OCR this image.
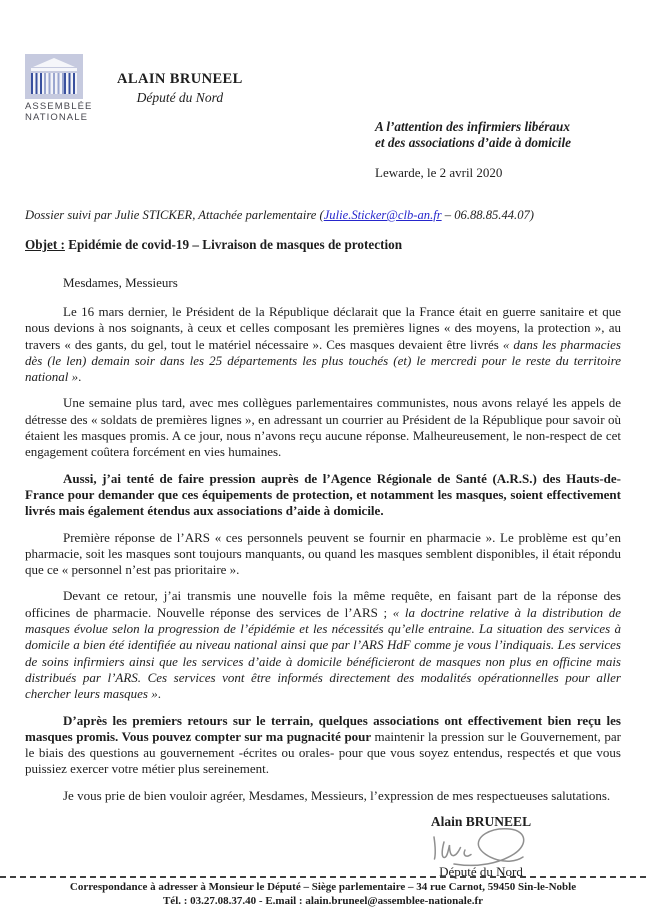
ASSEMBLÉE
NATIONALE
ALAIN BRUNEEL
Député du Nord
A l’attention des infirmiers libéraux
et des associations d’aide à domicile
Lewarde, le 2 avril 2020
Dossier suivi par Julie STICKER, Attachée parlementaire (Julie.Sticker@clb-an.fr – 06.88.85.44.07)
Objet : Epidémie de covid-19 – Livraison de masques de protection
Mesdames, Messieurs

Le 16 mars dernier, le Président de la République déclarait que la France était en guerre sanitaire et que nous devions à nos soignants, à ceux et celles composant les premières lignes « des moyens, la protection », au travers « des gants, du gel, tout le matériel nécessaire ». Ces masques devaient être livrés « dans les pharmacies dès (le len) demain soir dans les 25 départements les plus touchés (et) le mercredi pour le reste du territoire national ».

Une semaine plus tard, avec mes collègues parlementaires communistes, nous avons relayé les appels de détresse des « soldats de premières lignes », en adressant un courrier au Président de la République pour savoir où étaient les masques promis. A ce jour, nous n’avons reçu aucune réponse. Malheureusement, le non-respect de cet engagement coûtera forcément en vies humaines.

Aussi, j’ai tenté de faire pression auprès de l’Agence Régionale de Santé (A.R.S.) des Hauts-de-France pour demander que ces équipements de protection, et notamment les masques, soient effectivement livrés mais également étendus aux associations d’aide à domicile.

Première réponse de l’ARS « ces personnels peuvent se fournir en pharmacie ». Le problème est qu’en pharmacie, soit les masques sont toujours manquants, ou quand les masques semblent disponibles, il était répondu que ce « personnel n’est pas prioritaire ».

Devant ce retour, j’ai transmis une nouvelle fois la même requête, en faisant part de la réponse des officines de pharmacie. Nouvelle réponse des services de l’ARS ; « la doctrine relative à la distribution de masques évolue selon la progression de l’épidémie et les nécessités qu’elle entraine. La situation des services à domicile a bien été identifiée au niveau national ainsi que par l’ARS HdF comme je vous l’indiquais. Les services de soins infirmiers ainsi que les services d’aide à domicile bénéficieront de masques non plus en officine mais distribués par l’ARS. Ces services vont être informés directement des modalités opérationnelles pour aller chercher leurs masques ».

D’après les premiers retours sur le terrain, quelques associations ont effectivement bien reçu les masques promis. Vous pouvez compter sur ma pugnacité pour maintenir la pression sur le Gouvernement, par le biais des questions au gouvernement -écrites ou orales- pour que vous soyez entendus, respectés et que vous puissiez exercer votre métier plus sereinement.

Je vous prie de bien vouloir agréer, Mesdames, Messieurs, l’expression de mes respectueuses salutations.

Alain BRUNEEL
Député du Nord
Correspondance à adresser à Monsieur le Député – Siège parlementaire – 34 rue Carnot, 59450 Sin-le-Noble
Tél. : 03.27.08.37.40 - E.mail : alain.bruneel@assemblee-nationale.fr
